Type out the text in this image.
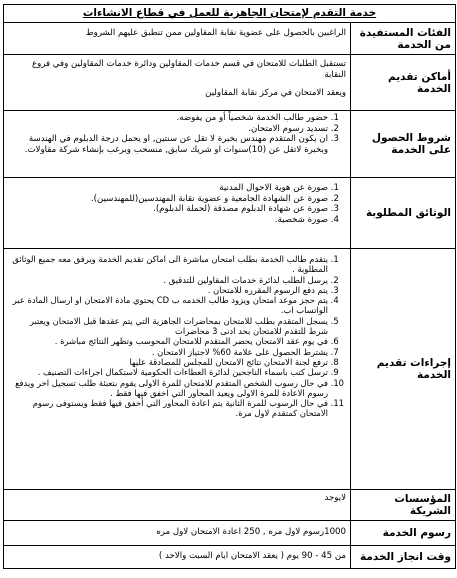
خدمة التقدم لإمتحان الجاهزية للعمل في قطاع الانشاءات

الراغبين بالحصول على عضوية نقابة المقاولين ممن تنطبق عليهم الشروط	الفئات المستفيدة من الخدمة

تستقبل الطلبات للامتحان في قسم خدمات المقاولين ودائرة خدمات المقاولين وفي فروع النقابة

ويعقد الامتحان في مركز نقابة المقاولين

أماكن تقديم الخدمة
1. حضور طالب الخدمة شخصياً أو من يفوضه.
2. تسديد رسوم الامتحان.
3. ان يكون المتقدم مهندس بخبرة لا تقل عن سنتين, او يحمل درجة الدبلوم في الهندسة وبخبرة لاتقل عن (10)سنوات او شريك سابق, منسحب وبرغب بإنشاء شركة مقاولات.
شروط الحصول على الخدمة
1. صورة عن هوية الاحوال المدنية
2. صورة عن الشهادة الجامعية و عضوية نقابة المهندسين(للمهندسين).
3. صورة عن شهادة الدبلوم مصدقة (لحملة الدبلوم).
4. صورة شخصية.
الوثائق المطلوبة
1. يتقدم طالب الخدمة بطلب امتحان مباشرة الى اماكن تقديم الخدمة ويرفق معه جميع الوثائق المطلوبة .
2. يرسل الطلب لدائرة خدمات المقاولين للتدقيق .
3. يتم دفع الرسوم المقرره للامتحان .
4. يتم حجز موعد امتحان ويزود طالب الخدمه ب CD يحتوي مادة الامتحان او ارسال المادة عبر الواتساب اب.
5. يسجل المتقدم بطلب للامتحان بمحاضرات الجاهزية التي يتم عقدها قبل الامتحان ويعتبر شرط للتقدم للامتحان بحد ادنى 3 محاضرات
6. في يوم عقد الامتحان يحضر المتقدم للامتحان المحوسب وتظهر النتائج مباشرة .
7. يشترط الحصول على علامة 60% لاجتياز الامتحان .
8. ترفع لجنة الامتحان نتائج الامتحان للمجلس للمصادقة عليها
9. ترسل كتب باسماء الناجحين لدائرة العطاءات الحكومية لاستكمال اجراءات التصنيف .
10. في حال رسوب الشخص المتقدم للامتحان للمرة الاولى يقوم بتعبئة طلب تسجيل اخر ويدفع رسوم الاعادة للمرة الاولى ويعيد المحاور التي اخفق فيها فقط .
11. في حال الرسوب للمرة الثانية يتم اعادة المحاور التي أخفق فيها فقط ويستوفى رسوم الامتحان كمتقدم لاول مرة.
إجراءات تقديم الخدمة

لايوجد	المؤسسات الشريكة

1000رسوم لاول مره , 250 اعادة الامتحان لاول مره	رسوم الخدمة

من 45 - 90 يوم ( يعقد الامتحان ايام السبت والاحد ) وقت انجاز الخدمة
